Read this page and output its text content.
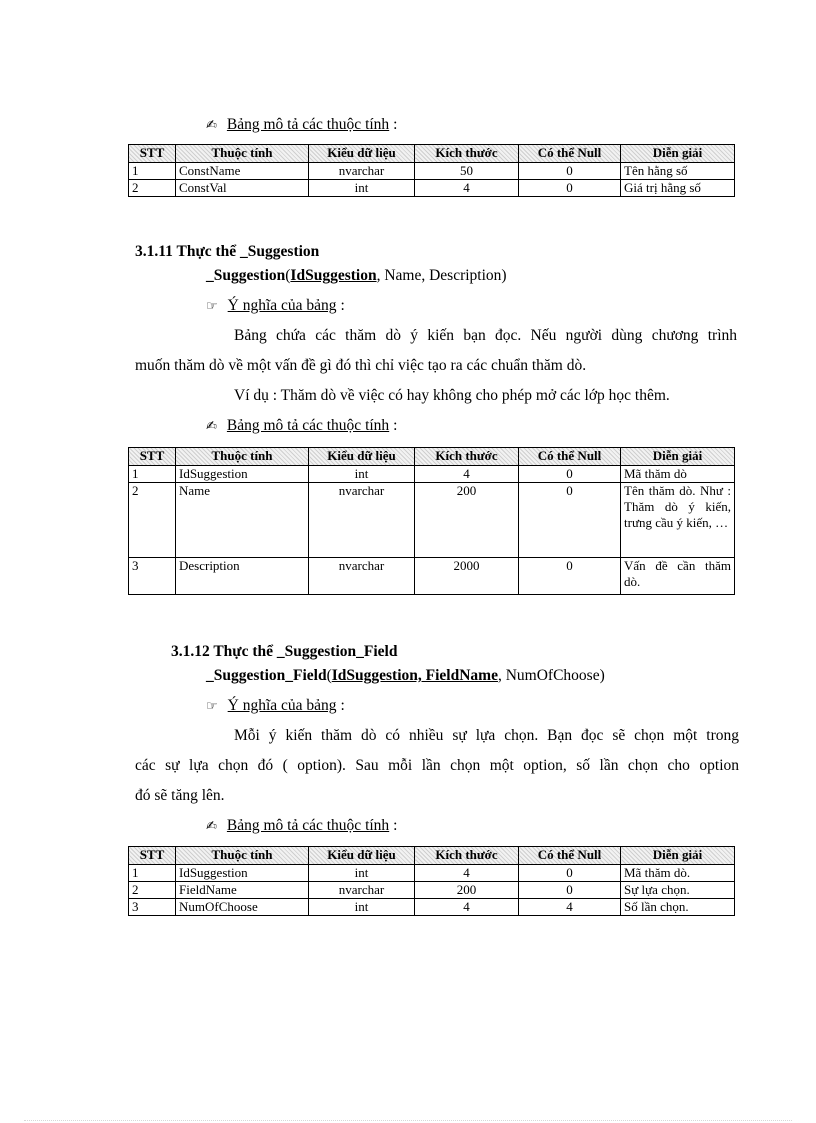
✍ Bảng mô tả các thuộc tính :
STT	Thuộc tính	Kiểu dữ liệu	Kích thước	Có thể Null	Diễn giải
1	ConstName	nvarchar	50	0	Tên hằng số
2	ConstVal	int	4	0	Giá trị hằng số
3.1.11 Thực thể _Suggestion
_Suggestion(IdSuggestion, Name, Description)
☞ Ý nghĩa của bảng :
Bảng chứa các thăm dò ý kiến bạn đọc. Nếu người dùng chương trình
muốn thăm dò về một vấn đề gì đó thì chỉ việc tạo ra các chuẩn thăm dò.
Ví dụ : Thăm dò về việc có hay không cho phép mở các lớp học thêm.
✍ Bảng mô tả các thuộc tính :
STT	Thuộc tính	Kiểu dữ liệu	Kích thước	Có thể Null	Diễn giải
1	IdSuggestion	int	4	0	Mã thăm dò
2	Name	nvarchar	200	0	Tên thăm dò. Như : Thăm dò ý kiến, trưng cầu ý kiến, …
3	Description	nvarchar	2000	0	Vấn đề cần thăm dò.
3.1.12 Thực thể _Suggestion_Field
_Suggestion_Field(IdSuggestion, FieldName, NumOfChoose)
☞ Ý nghĩa của bảng :
Mỗi ý kiến thăm dò có nhiều sự lựa chọn. Bạn đọc sẽ chọn một trong
các sự lựa chọn đó ( option). Sau mỗi lần chọn một option, số lần chọn cho option
đó sẽ tăng lên.
✍ Bảng mô tả các thuộc tính :
STT	Thuộc tính	Kiểu dữ liệu	Kích thước	Có thể Null	Diễn giải
1	IdSuggestion	int	4	0	Mã thăm dò.
2	FieldName	nvarchar	200	0	Sự lựa chọn.
3	NumOfChoose	int	4	4	Số lần chọn.
